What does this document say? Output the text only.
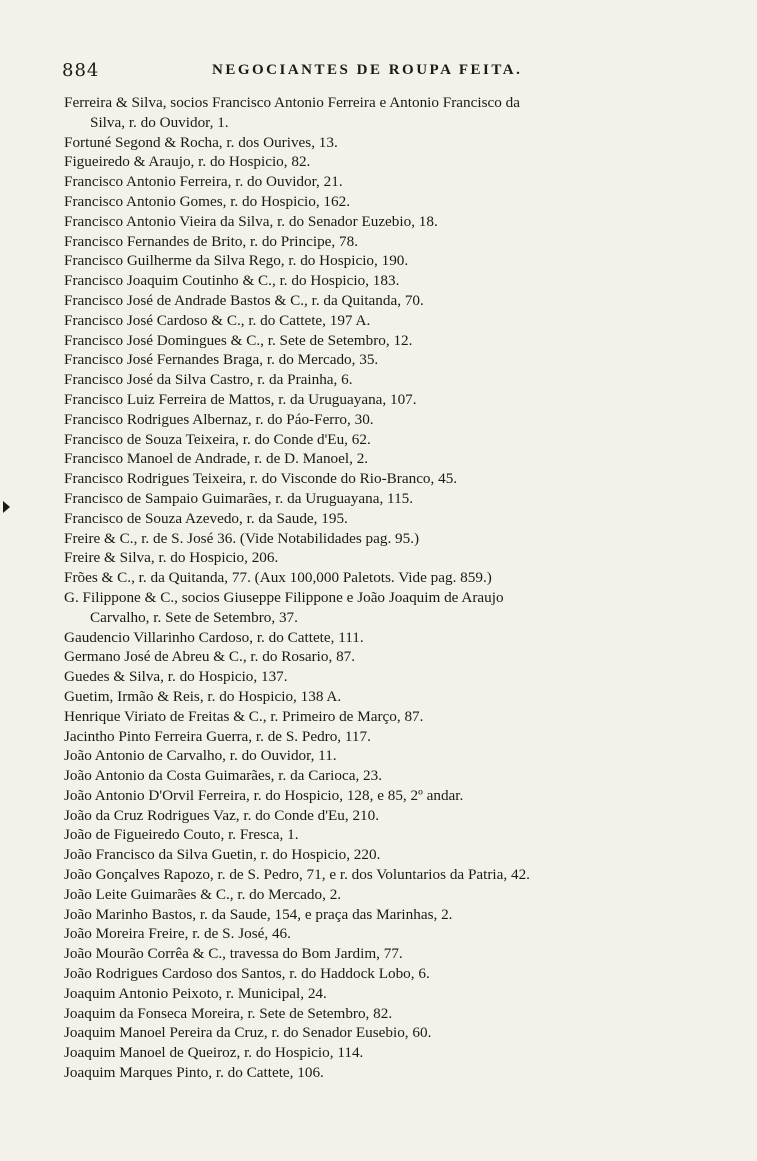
884	NEGOCIANTES DE ROUPA FEITA.
Ferreira & Silva, socios Francisco Antonio Ferreira e Antonio Francisco da
Silva, r. do Ouvidor, 1.
Fortuné Segond & Rocha, r. dos Ourives, 13.
Figueiredo & Araujo, r. do Hospicio, 82.
Francisco Antonio Ferreira, r. do Ouvidor, 21.
Francisco Antonio Gomes, r. do Hospicio, 162.
Francisco Antonio Vieira da Silva, r. do Senador Euzebio, 18.
Francisco Fernandes de Brito, r. do Principe, 78.
Francisco Guilherme da Silva Rego, r. do Hospicio, 190.
Francisco Joaquim Coutinho & C., r. do Hospicio, 183.
Francisco José de Andrade Bastos & C., r. da Quitanda, 70.
Francisco José Cardoso & C., r. do Cattete, 197 A.
Francisco José Domingues & C., r. Sete de Setembro, 12.
Francisco José Fernandes Braga, r. do Mercado, 35.
Francisco José da Silva Castro, r. da Prainha, 6.
Francisco Luiz Ferreira de Mattos, r. da Uruguayana, 107.
Francisco Rodrigues Albernaz, r. do Páo-Ferro, 30.
Francisco de Souza Teixeira, r. do Conde d'Eu, 62.
Francisco Manoel de Andrade, r. de D. Manoel, 2.
Francisco Rodrigues Teixeira, r. do Visconde do Rio-Branco, 45.
Francisco de Sampaio Guimarães, r. da Uruguayana, 115.
Francisco de Souza Azevedo, r. da Saude, 195.
Freire & C., r. de S. José 36. (Vide Notabilidades pag. 95.)
Freire & Silva, r. do Hospicio, 206.
Frões & C., r. da Quitanda, 77. (Aux 100,000 Paletots. Vide pag. 859.)
G. Filippone & C., socios Giuseppe Filippone e João Joaquim de Araujo
Carvalho, r. Sete de Setembro, 37.
Gaudencio Villarinho Cardoso, r. do Cattete, 111.
Germano José de Abreu & C., r. do Rosario, 87.
Guedes & Silva, r. do Hospicio, 137.
Guetim, Irmão & Reis, r. do Hospicio, 138 A.
Henrique Viriato de Freitas & C., r. Primeiro de Março, 87.
Jacintho Pinto Ferreira Guerra, r. de S. Pedro, 117.
João Antonio de Carvalho, r. do Ouvidor, 11.
João Antonio da Costa Guimarães, r. da Carioca, 23.
João Antonio D'Orvil Ferreira, r. do Hospicio, 128, e 85, 2º andar.
João da Cruz Rodrigues Vaz, r. do Conde d'Eu, 210.
João de Figueiredo Couto, r. Fresca, 1.
João Francisco da Silva Guetin, r. do Hospicio, 220.
João Gonçalves Rapozo, r. de S. Pedro, 71, e r. dos Voluntarios da Patria, 42.
João Leite Guimarães & C., r. do Mercado, 2.
João Marinho Bastos, r. da Saude, 154, e praça das Marinhas, 2.
João Moreira Freire, r. de S. José, 46.
João Mourão Corrêa & C., travessa do Bom Jardim, 77.
João Rodrigues Cardoso dos Santos, r. do Haddock Lobo, 6.
Joaquim Antonio Peixoto, r. Municipal, 24.
Joaquim da Fonseca Moreira, r. Sete de Setembro, 82.
Joaquim Manoel Pereira da Cruz, r. do Senador Eusebio, 60.
Joaquim Manoel de Queiroz, r. do Hospicio, 114.
Joaquim Marques Pinto, r. do Cattete, 106.
